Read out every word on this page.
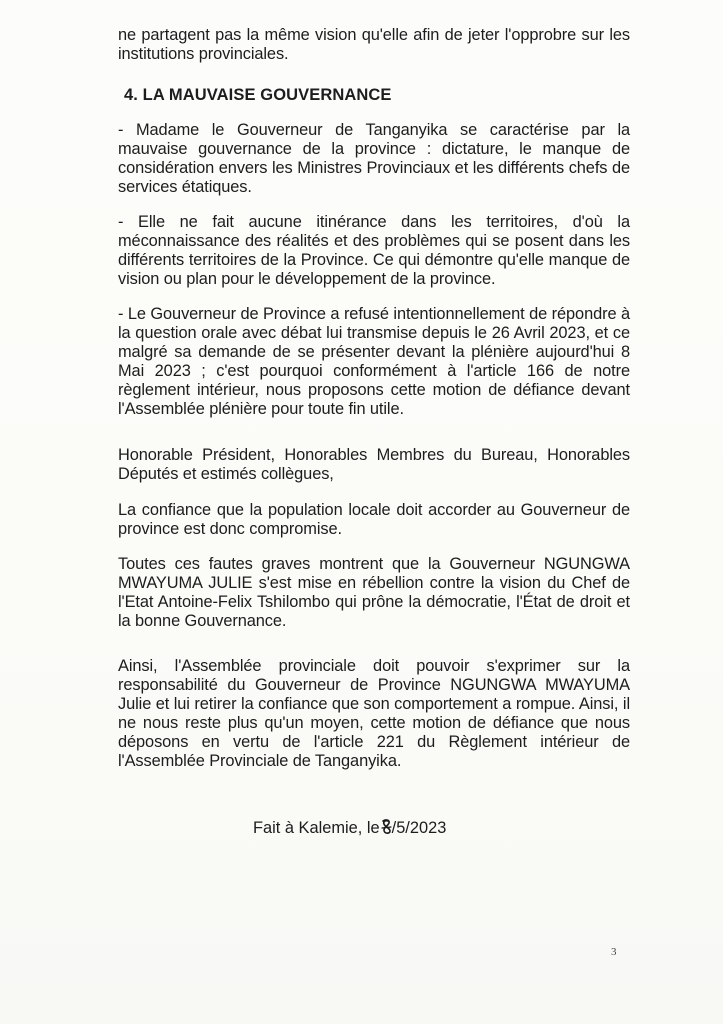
ne partagent pas la même vision qu'elle afin de jeter l'opprobre sur les institutions provinciales.
4. LA MAUVAISE GOUVERNANCE
- Madame le Gouverneur de Tanganyika se caractérise par la mauvaise gouvernance de la province : dictature, le manque de considération envers les Ministres Provinciaux et les différents chefs de services étatiques.
- Elle ne fait aucune itinérance dans les territoires, d'où la méconnaissance des réalités et des problèmes qui se posent dans les différents territoires de la Province. Ce qui démontre qu'elle manque de vision ou plan pour le développement de la province.
- Le Gouverneur de Province a refusé intentionnellement de répondre à la question orale avec débat lui transmise depuis le 26 Avril 2023, et ce malgré sa demande de se présenter devant la plénière aujourd'hui 8 Mai 2023 ; c'est pourquoi conformément à l'article 166 de notre règlement intérieur, nous proposons cette motion de défiance devant l'Assemblée plénière pour toute fin utile.
Honorable Président, Honorables Membres du Bureau, Honorables Députés et estimés collègues,
La confiance que la population locale doit accorder au Gouverneur de province est donc compromise.
Toutes ces fautes graves montrent que la Gouverneur NGUNGWA MWAYUMA JULIE s'est mise en rébellion contre la vision du Chef de l'Etat Antoine-Felix Tshilombo qui prône la démocratie, l'État de droit et la bonne Gouvernance.
Ainsi, l'Assemblée provinciale doit pouvoir s'exprimer sur la responsabilité du Gouverneur de Province NGUNGWA MWAYUMA Julie et lui retirer la confiance que son comportement a rompue. Ainsi, il ne nous reste plus qu'un moyen, cette motion de défiance que nous déposons en vertu de l'article 221 du Règlement intérieur de l'Assemblée Provinciale de Tanganyika.
Fait à Kalemie, le /5/2023
3
